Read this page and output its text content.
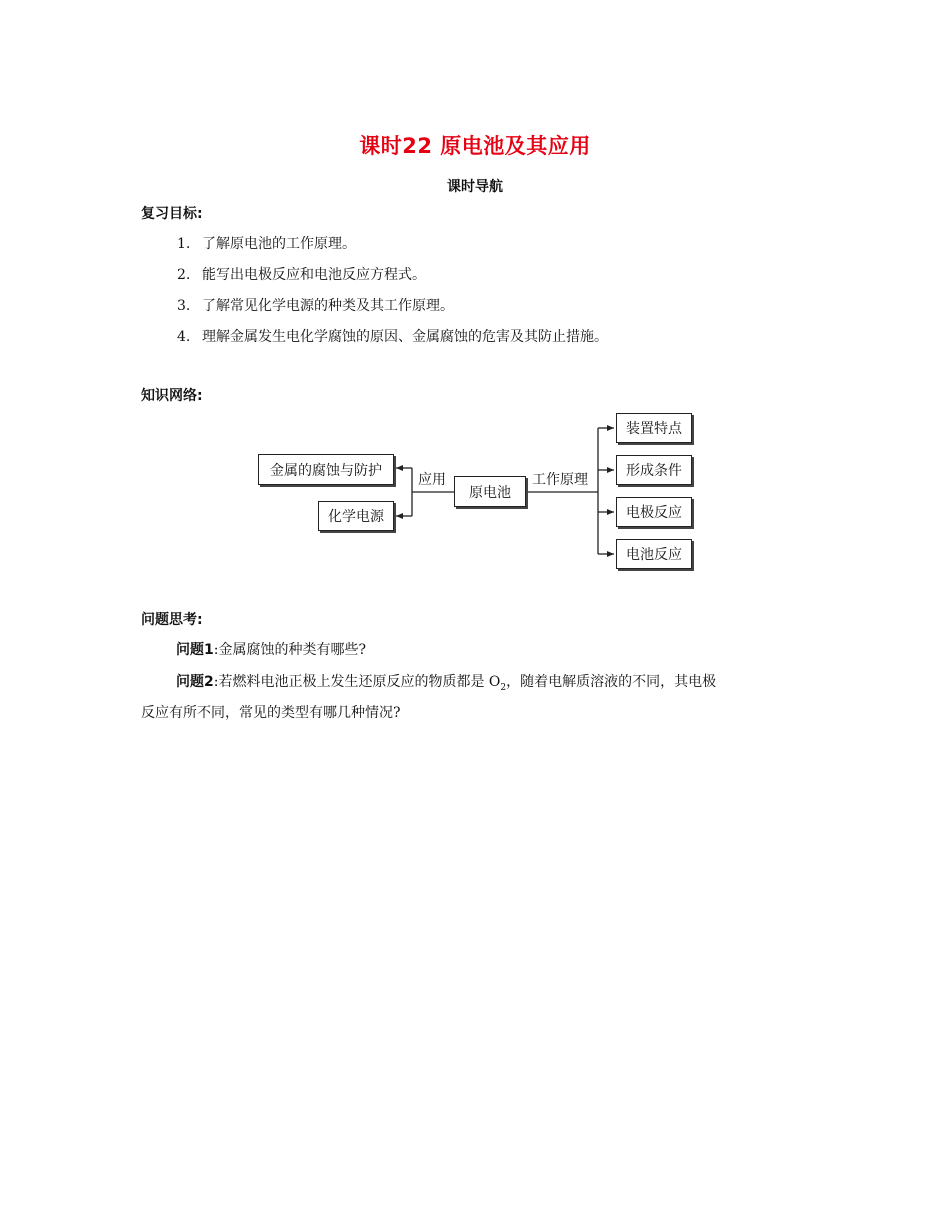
课时22 原电池及其应用
课时导航
复习目标:
1. 了解原电池的工作原理。
2. 能写出电极反应和电池反应方程式。
3. 了解常见化学电源的种类及其工作原理。
4. 理解金属发生电化学腐蚀的原因、金属腐蚀的危害及其防止措施。
知识网络:
原电池
应用	工作原理
金属的腐蚀与防护
化学电源
装置特点
形成条件
电极反应
电池反应
问题思考:
问题1:金属腐蚀的种类有哪些?
问题2:若燃料电池正极上发生还原反应的物质都是 $O_2$，随着电解质溶液的不同，其电极
反应有所不同，常见的类型有哪几种情况?
